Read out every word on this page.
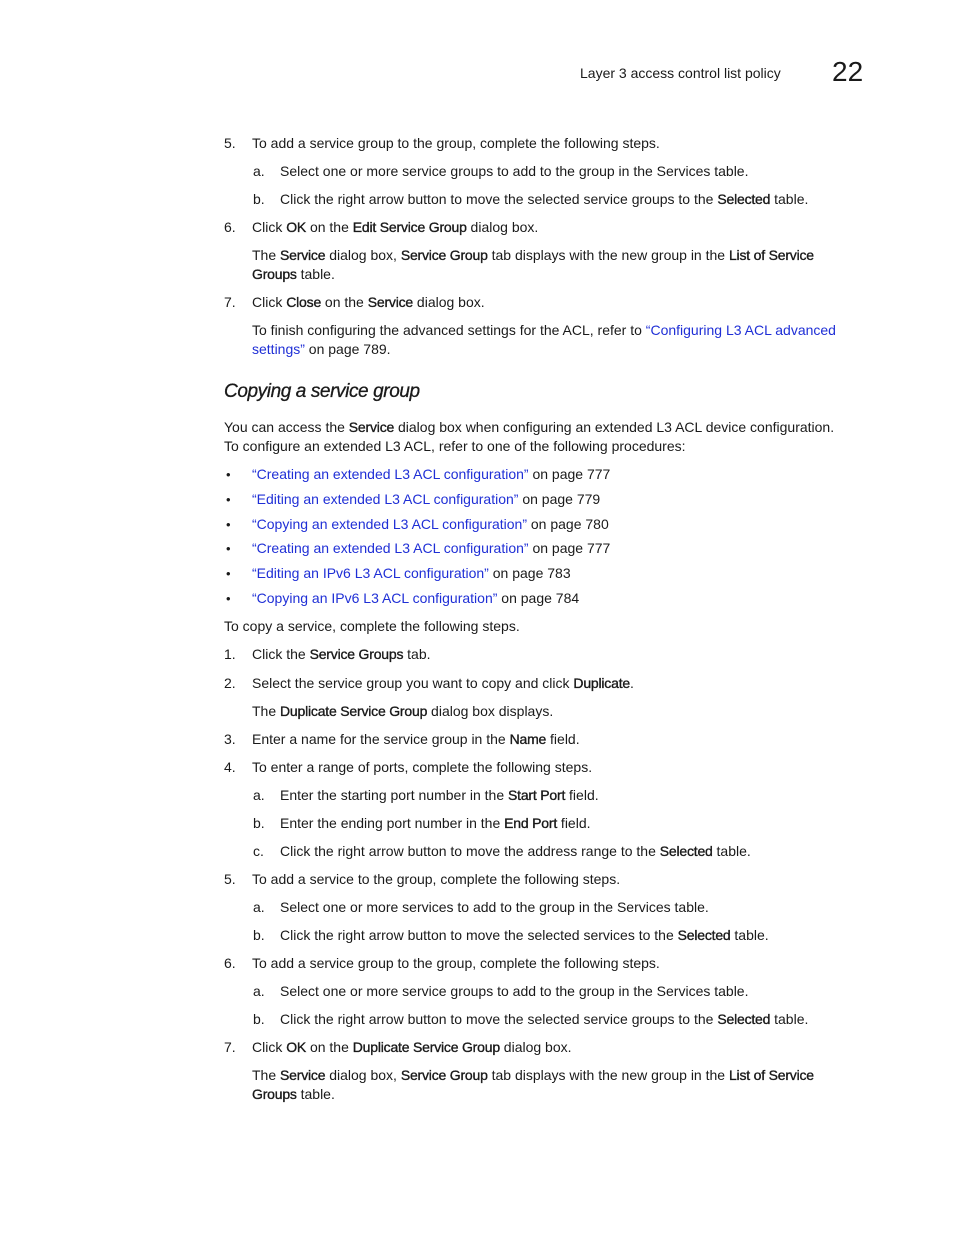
Layer 3 access control list policy 22
5. To add a service group to the group, complete the following steps.
a. Select one or more service groups to add to the group in the Services table.
b. Click the right arrow button to move the selected service groups to the Selected table.
6. Click OK on the Edit Service Group dialog box.
The Service dialog box, Service Group tab displays with the new group in the List of Service
Groups table.
7. Click Close on the Service dialog box.
To finish configuring the advanced settings for the ACL, refer to “Configuring L3 ACL advanced
settings” on page 789.
Copying a service group
You can access the Service dialog box when configuring an extended L3 ACL device configuration.
To configure an extended L3 ACL, refer to one of the following procedures:
• “Creating an extended L3 ACL configuration” on page 777
• “Editing an extended L3 ACL configuration” on page 779
• “Copying an extended L3 ACL configuration” on page 780
• “Creating an extended L3 ACL configuration” on page 777
• “Editing an IPv6 L3 ACL configuration” on page 783
• “Copying an IPv6 L3 ACL configuration” on page 784
To copy a service, complete the following steps.
1. Click the Service Groups tab.
2. Select the service group you want to copy and click Duplicate.
The Duplicate Service Group dialog box displays.
3. Enter a name for the service group in the Name field.
4. To enter a range of ports, complete the following steps.
a. Enter the starting port number in the Start Port field.
b. Enter the ending port number in the End Port field.
c. Click the right arrow button to move the address range to the Selected table.
5. To add a service to the group, complete the following steps.
a. Select one or more services to add to the group in the Services table.
b. Click the right arrow button to move the selected services to the Selected table.
6. To add a service group to the group, complete the following steps.
a. Select one or more service groups to add to the group in the Services table.
b. Click the right arrow button to move the selected service groups to the Selected table.
7. Click OK on the Duplicate Service Group dialog box.
The Service dialog box, Service Group tab displays with the new group in the List of Service
Groups table.
